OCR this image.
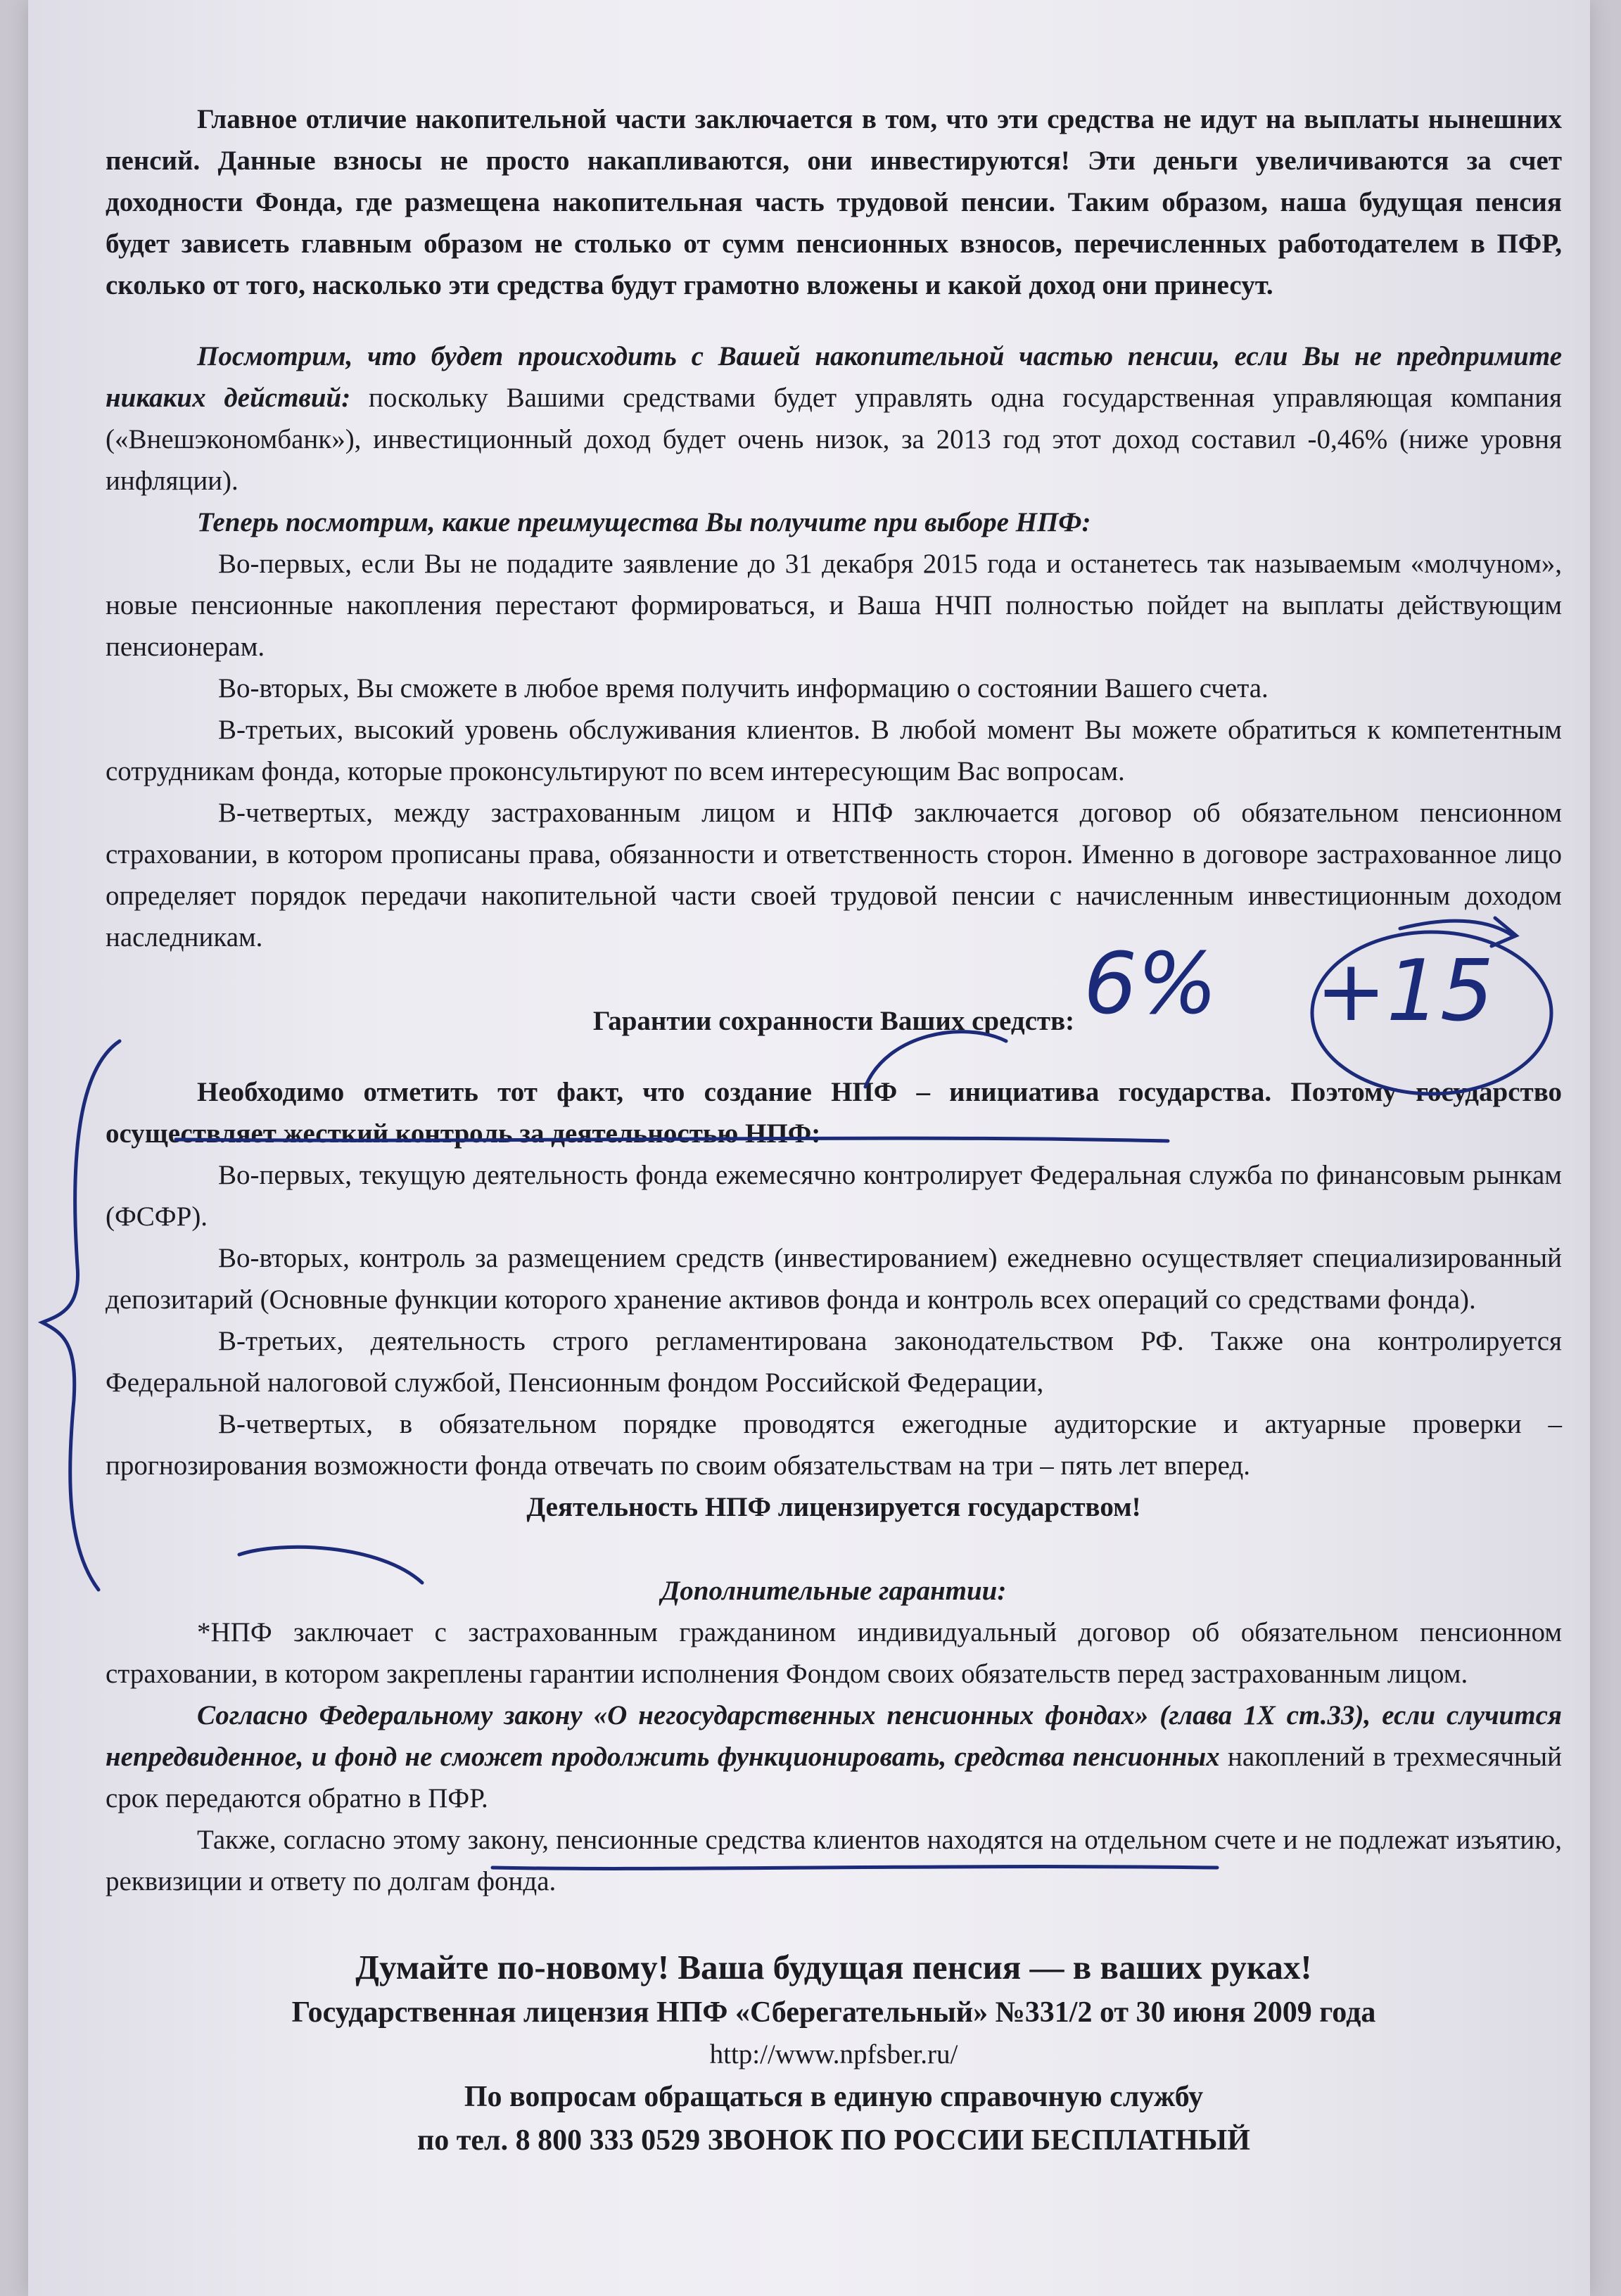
Главное отличие накопительной части заключается в том, что эти средства не идут на выплаты нынешних пенсий. Данные взносы не просто накапливаются, они инвестируются! Эти деньги увеличиваются за счет доходности Фонда, где размещена накопительная часть трудовой пенсии. Таким образом, наша будущая пенсия будет зависеть главным образом не столько от сумм пенсионных взносов, перечисленных работодателем в ПФР, сколько от того, насколько эти средства будут грамотно вложены и какой доход они принесут.

Посмотрим, что будет происходить с Вашей накопительной частью пенсии, если Вы не предпримите никаких действий: поскольку Вашими средствами будет управлять одна государственная управляющая компания («Внешэкономбанк»), инвестиционный доход будет очень низок, за 2013 год этот доход составил -0,46% (ниже уровня инфляции).

Теперь посмотрим, какие преимущества Вы получите при выборе НПФ:

Во-первых, если Вы не подадите заявление до 31 декабря 2015 года и останетесь так называемым «молчуном», новые пенсионные накопления перестают формироваться, и Ваша НЧП полностью пойдет на выплаты действующим пенсионерам.

Во-вторых, Вы сможете в любое время получить информацию о состоянии Вашего счета.

В-третьих, высокий уровень обслуживания клиентов. В любой момент Вы можете обратиться к компетентным сотрудникам фонда, которые проконсультируют по всем интересующим Вас вопросам.

В-четвертых, между застрахованным лицом и НПФ заключается договор об обязательном пенсионном страховании, в котором прописаны права, обязанности и ответственность сторон. Именно в договоре застрахованное лицо определяет порядок передачи накопительной части своей трудовой пенсии с начисленным инвестиционным доходом наследникам.

Гарантии сохранности Ваших средств:

Необходимо отметить тот факт, что создание НПФ – инициатива государства. Поэтому государство осуществляет жесткий контроль за деятельностью НПФ:

Во-первых, текущую деятельность фонда ежемесячно контролирует Федеральная служба по финансовым рынкам (ФСФР).

Во-вторых, контроль за размещением средств (инвестированием) ежедневно осуществляет специализированный депозитарий (Основные функции которого хранение активов фонда и контроль всех операций со средствами фонда).

В-третьих, деятельность строго регламентирована законодательством РФ. Также она контролируется Федеральной налоговой службой, Пенсионным фондом Российской Федерации,

В-четвертых, в обязательном порядке проводятся ежегодные аудиторские и актуарные проверки – прогнозирования возможности фонда отвечать по своим обязательствам на три – пять лет вперед.

Деятельность НПФ лицензируется государством!

Дополнительные гарантии:

*НПФ заключает с застрахованным гражданином индивидуальный договор об обязательном пенсионном страховании, в котором закреплены гарантии исполнения Фондом своих обязательств перед застрахованным лицом.

Согласно Федеральному закону «О негосударственных пенсионных фондах» (глава 1Х ст.33), если случится непредвиденное, и фонд не сможет продолжить функционировать, средства пенсионных накоплений в трехмесячный срок передаются обратно в ПФР.

Также, согласно этому закону, пенсионные средства клиентов находятся на отдельном счете и не подлежат изъятию, реквизиции и ответу по долгам фонда.

Думайте по-новому! Ваша будущая пенсия — в ваших руках!

Государственная лицензия НПФ «Сберегательный» №331/2 от 30 июня 2009 года

http://www.npfsber.ru/

По вопросам обращаться в единую справочную службу

по тел. 8 800 333 0529 ЗВОНОК ПО РОССИИ БЕСПЛАТНЫЙ

6% +15
